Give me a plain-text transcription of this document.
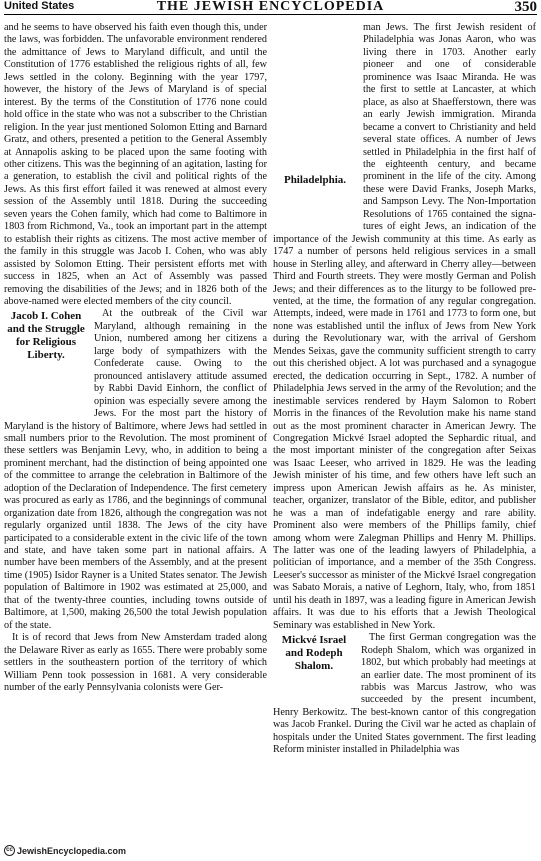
United States	THE JEWISH ENCYCLOPEDIA	350

and he seems to have observed his faith even though this, under the laws, was forbidden. The unfavorable environment rendered the admittance of Jews to Maryland difficult, and until the Constitution of 1776 established the religious rights of all, few Jews settled in the colony. Beginning with the year 1797, however, the history of the Jews of Maryland is of special interest. By the terms of the Constitution of 1776 none could hold office in the state who was not a subscriber to the Christian religion. In the year just mentioned Solomon Etting and Barnard Gratz, and others, presented a petition to the General Assembly at Annapolis asking to be placed upon the same footing with other citizens. This was the beginning of an agitation, lasting for a generation, to establish the civil and political rights of the Jews. As this first effort failed it was renewed at almost every session of the Assembly until 1818. During the succeeding seven years the Cohen family, which had come to Baltimore in 1803 from Richmond, Va., took an important part in the attempt to establish their rights as citizens. The most active member of the family in this struggle was Jacob I. Cohen, who was ably assisted by Solomon Etting. Their persistent efforts met with success in 1825, when an Act of Assembly was passed removing the disabilities of the Jews; and in 1826 both of the above-named were elected members of the city council.

Jacob I. Cohen and the Struggle for Religious Liberty.

At the outbreak of the Civil war Maryland, although remaining in the Union, numbered among her citizens a large body of sympathizers with the Confederate cause. Owing to the pronounced antislavery attitude assumed by Rabbi David Einhorn, the conflict of opinion was especially severe among the Jews. For the most part the history of Maryland is the history of Baltimore, where Jews had settled in small numbers prior to the Revolution. The most prominent of these settlers was Benjamin Levy, who, in addition to being a prominent merchant, had the distinction of being appointed one of the committee to arrange the celebration in Baltimore of the adoption of the Declaration of Independence. The first cemetery was procured as early as 1786, and the beginnings of communal organization date from 1826, although the congregation was not regularly organized until 1838. The Jews of the city have participated to a considerable extent in the civic life of the town and state, and have taken some part in national affairs. A number have been members of the Assembly, and at the present time (1905) Isidor Rayner is a United States senator. The Jewish population of Baltimore in 1902 was estimated at 25,000, and that of the twenty-three counties, including towns outside of Baltimore, at 1,500, making 26,500 the total Jewish population of the state.

It is of record that Jews from New Amsterdam traded along the Delaware River as early as 1655. There were probably some settlers in the southeastern portion of the territory of which William Penn took possession in 1681. A very considerable number of the early Pennsylvania colonists were Ger-

Philadelphia.

man Jews. The first Jewish resident of Philadelphia was Jonas Aaron, who was living there in 1703. Another early pioneer and one of considerable prominence was Isaac Miranda. He was the first to settle at Lancaster, at which place, as also at Shaefferstown, there was an early Jewish immigration. Miranda became a convert to Christianity and held several state offices. A number of Jews settled in Philadelphia in the first half of the eighteenth century, and became prominent in the life of the city. Among these were David Franks, Joseph Marks, and Sampson Levy. The Non-Importation Resolutions of 1765 contained the signatures of eight Jews, an indication of the importance of the Jewish community at this time. As early as 1747 a number of persons held religious services in a small house in Sterling alley, and afterward in Cherry alley—between Third and Fourth streets. They were mostly German and Polish Jews; and their differences as to the liturgy to be followed prevented, at the time, the formation of any regular congregation. Attempts, indeed, were made in 1761 and 1773 to form one, but none was established until the influx of Jews from New York during the Revolutionary war, with the arrival of Gershom Mendes Seixas, gave the community sufficient strength to carry out this cherished object. A lot was purchased and a synagogue erected, the dedication occurring in Sept., 1782. A number of Philadelphia Jews served in the army of the Revolution; and the inestimable services rendered by Haym Salomon to Robert Morris in the finances of the Revolution make his name stand out as the most prominent character in American Jewry. The Congregation Mickvé Israel adopted the Sephardic ritual, and the most important minister of the congregation after Seixas was Isaac Leeser, who arrived in 1829. He was the leading Jewish minister of his time, and few others have left such an impress upon American Jewish affairs as he. As minister, teacher, organizer, translator of the Bible, editor, and publisher he was a man of indefatigable energy and rare ability. Prominent also were members of the Phillips family, chief among whom were Zalegman Phillips and Henry M. Phillips. The latter was one of the leading lawyers of Philadelphia, a politician of importance, and a member of the 35th Congress. Leeser's successor as minister of the Mickvé Israel congregation was Sabato Morais, a native of Leghorn, Italy, who, from 1851 until his death in 1897, was a leading figure in American Jewish affairs. It was due to his efforts that a Jewish Theological Seminary was established in New York.

Mickvé Israel and Rodeph Shalom.

The first German congregation was the Rodeph Shalom, which was organized in 1802, but which probably had meetings at an earlier date. The most prominent of its rabbis was Marcus Jastrow, who was succeeded by the present incumbent, Henry Berkowitz. The best-known cantor of this congregation was Jacob Frankel. During the Civil war he acted as chaplain of hospitals under the United States government. The first leading Reform minister installed in Philadelphia was

cc JewishEncyclopedia.com
